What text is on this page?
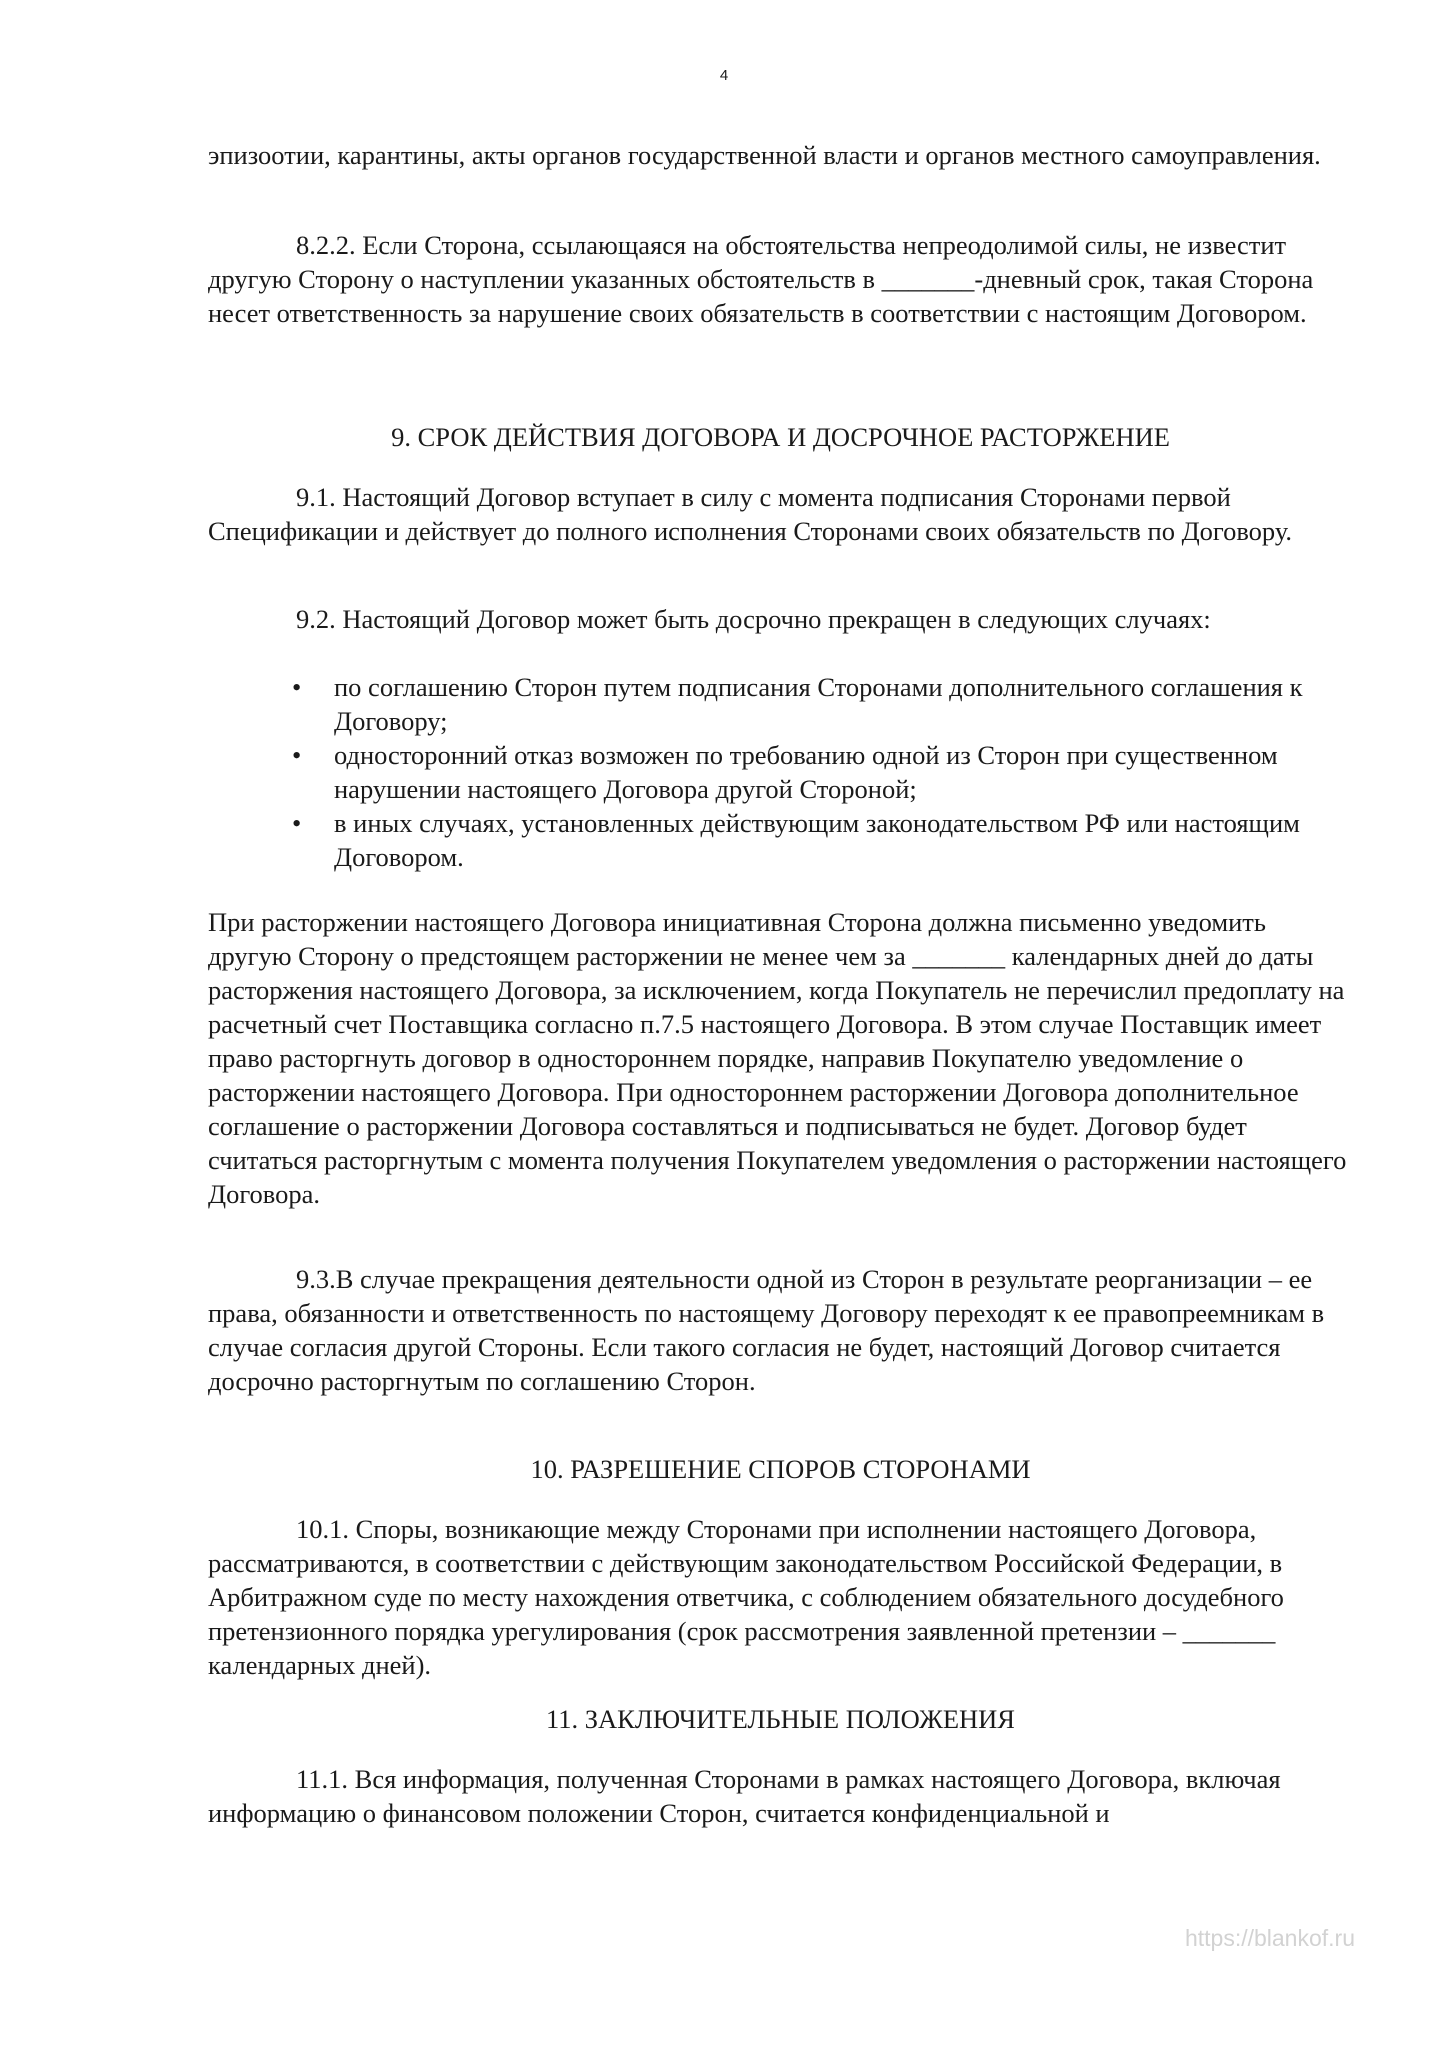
4

эпизоотии, карантины, акты органов государственной власти и органов местного самоуправления.

8.2.2. Если Сторона, ссылающаяся на обстоятельства непреодолимой силы, не известит другую Сторону о наступлении указанных обстоятельств в _______-дневный срок, такая Сторона несет ответственность за нарушение своих обязательств в соответствии с настоящим Договором.

9. СРОК ДЕЙСТВИЯ ДОГОВОРА И ДОСРОЧНОЕ РАСТОРЖЕНИЕ

9.1. Настоящий Договор вступает в силу с момента подписания Сторонами первой Спецификации и действует до полного исполнения Сторонами своих обязательств по Договору.

9.2. Настоящий Договор может быть досрочно прекращен в следующих случаях:

• по соглашению Сторон путем подписания Сторонами дополнительного соглашения к Договору;
• односторонний отказ возможен по требованию одной из Сторон при существенном нарушении настоящего Договора другой Стороной;
• в иных случаях, установленных действующим законодательством РФ или настоящим Договором.

При расторжении настоящего Договора инициативная Сторона должна письменно уведомить другую Сторону о предстоящем расторжении не менее чем за _______ календарных дней до даты расторжения настоящего Договора, за исключением, когда Покупатель не перечислил предоплату на расчетный счет Поставщика согласно п.7.5 настоящего Договора. В этом случае Поставщик имеет право расторгнуть договор в одностороннем порядке, направив Покупателю уведомление о расторжении настоящего Договора. При одностороннем расторжении Договора дополнительное соглашение о расторжении Договора составляться и подписываться не будет. Договор будет считаться расторгнутым с момента получения Покупателем уведомления о расторжении настоящего Договора.

9.3.В случае прекращения деятельности одной из Сторон в результате реорганизации – ее права, обязанности и ответственность по настоящему Договору переходят к ее правопреемникам в случае согласия другой Стороны. Если такого согласия не будет, настоящий Договор считается досрочно расторгнутым по соглашению Сторон.

10. РАЗРЕШЕНИЕ СПОРОВ СТОРОНАМИ

10.1. Споры, возникающие между Сторонами при исполнении настоящего Договора, рассматриваются, в соответствии с действующим законодательством Российской Федерации, в Арбитражном суде по месту нахождения ответчика, с соблюдением обязательного досудебного претензионного порядка урегулирования (срок рассмотрения заявленной претензии – _______ календарных дней).

11. ЗАКЛЮЧИТЕЛЬНЫЕ ПОЛОЖЕНИЯ

11.1. Вся информация, полученная Сторонами в рамках настоящего Договора, включая информацию о финансовом положении Сторон, считается конфиденциальной и

https://blankof.ru
